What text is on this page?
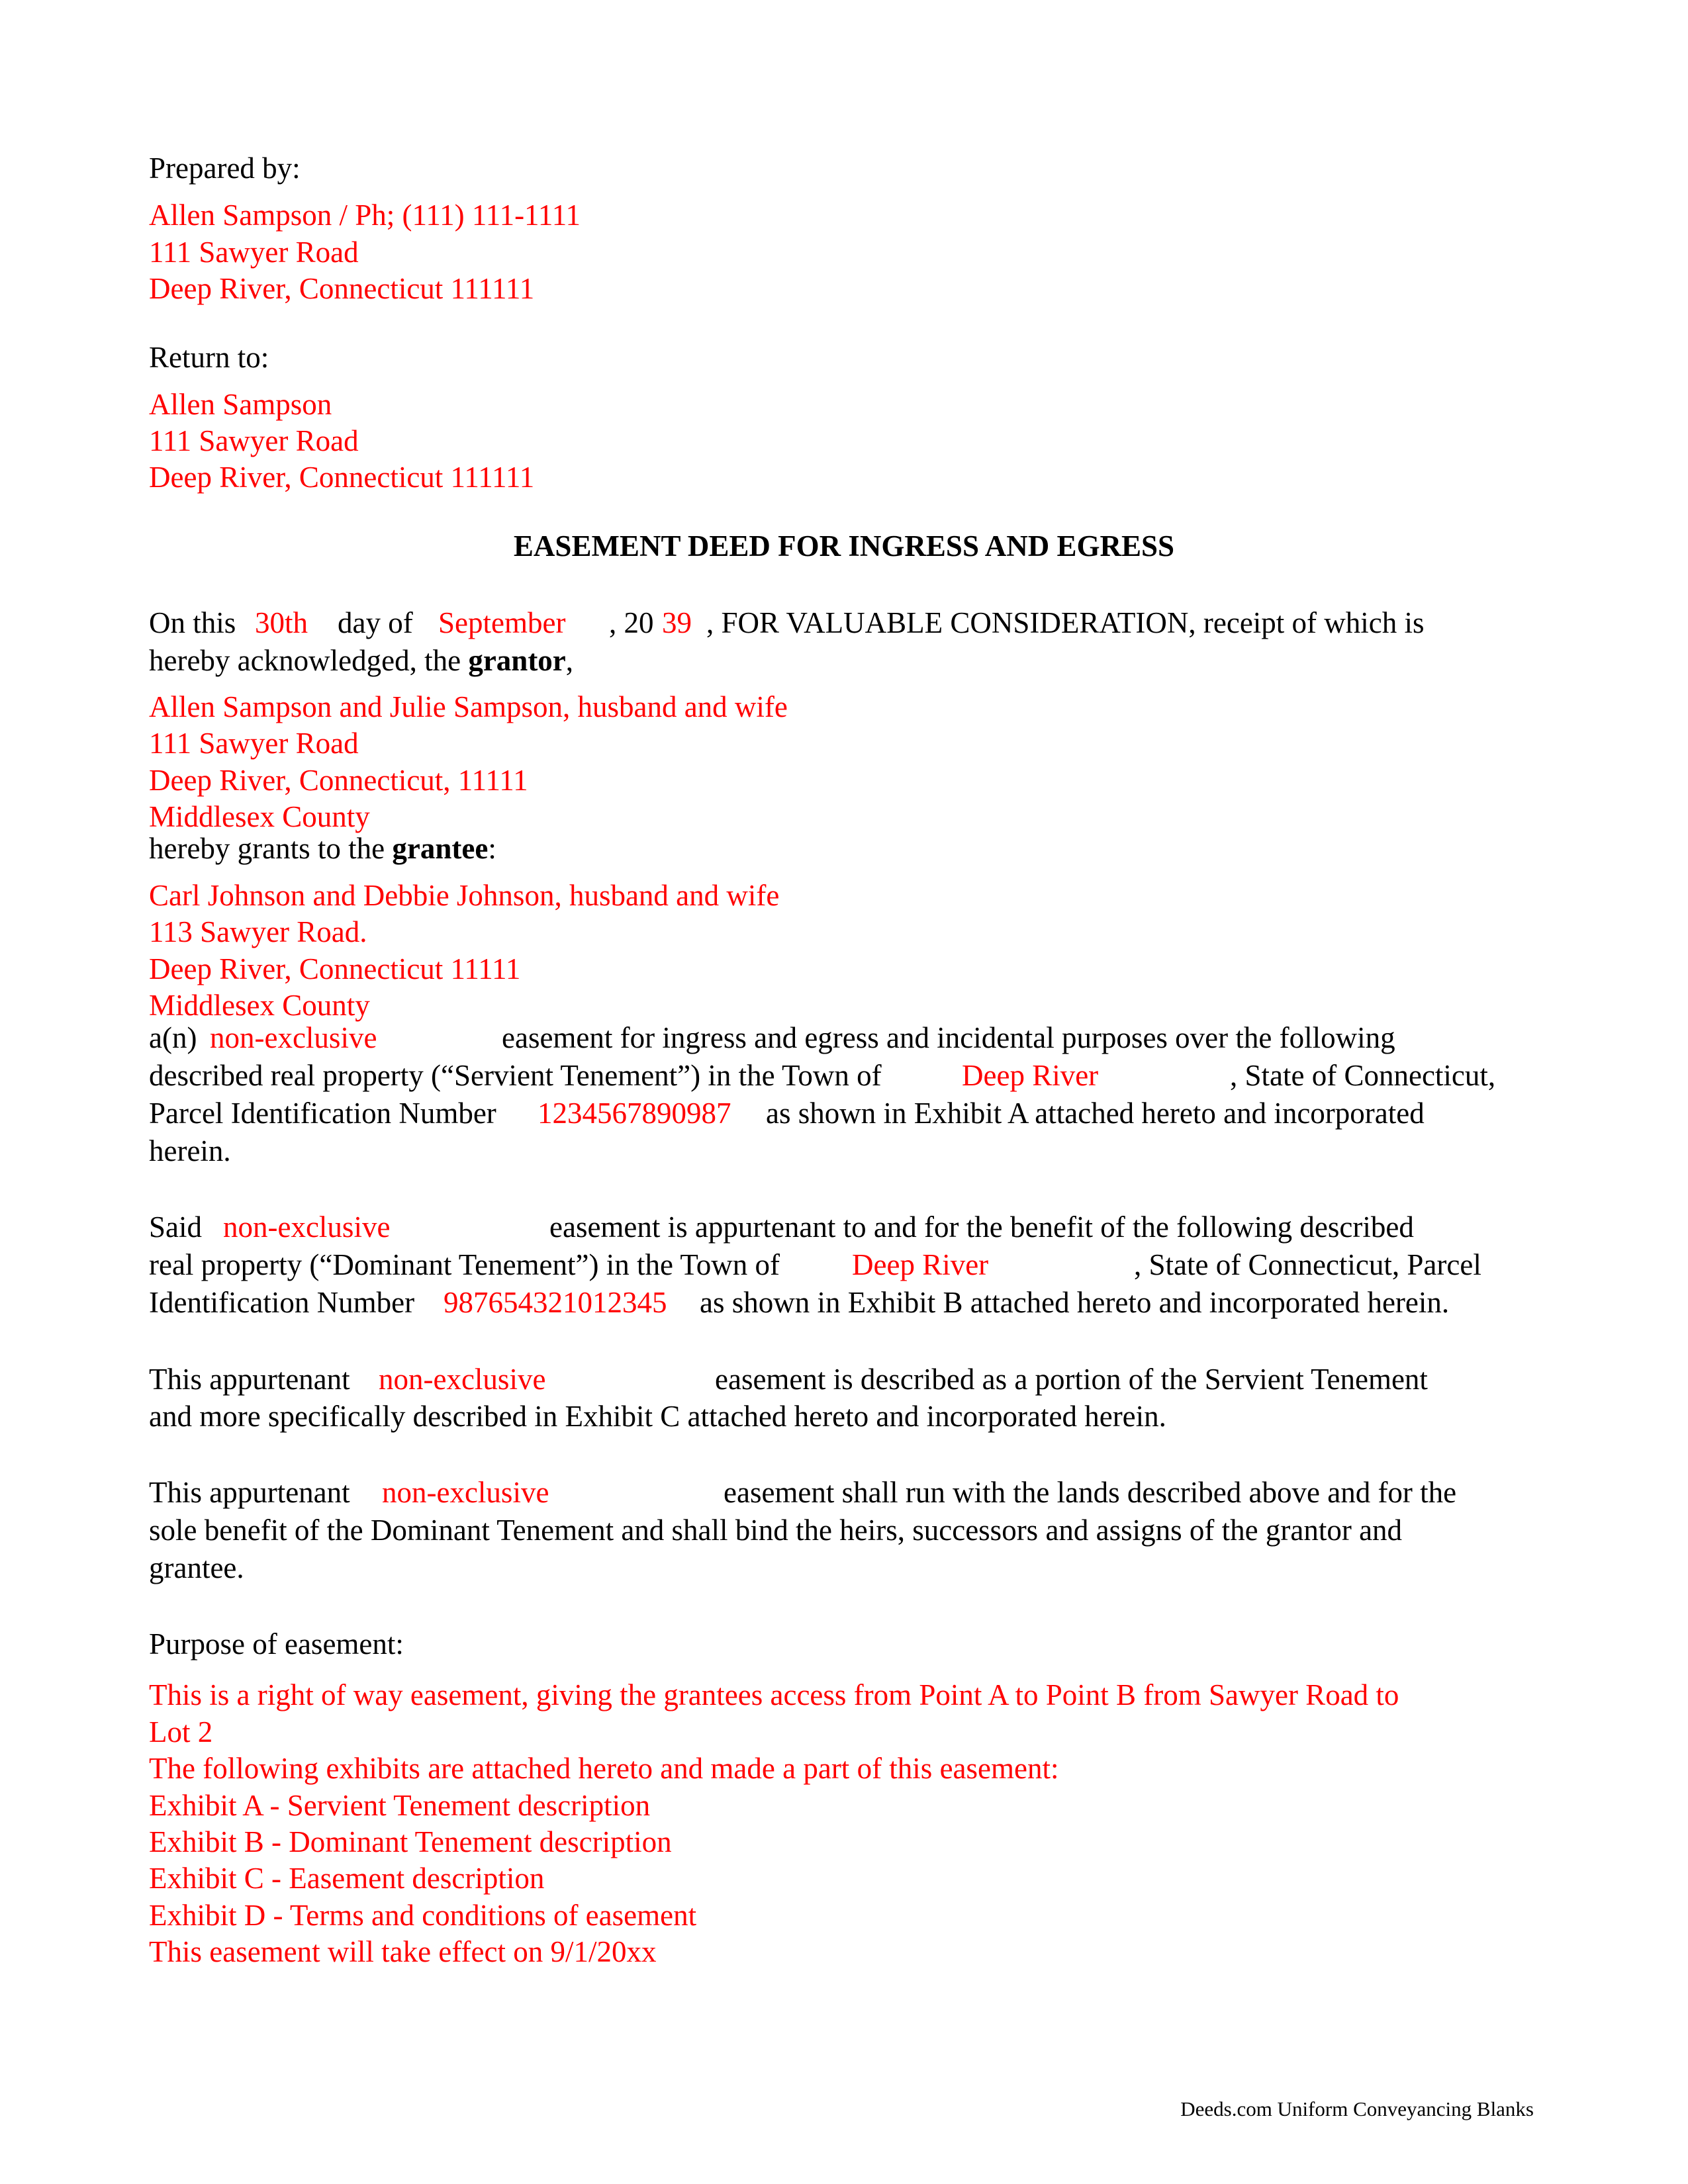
Prepared by:
Allen Sampson / Ph; (111) 111-1111
111 Sawyer Road
Deep River, Connecticut 111111
Return to:
Allen Sampson
111 Sawyer Road
Deep River, Connecticut 111111
EASEMENT DEED FOR INGRESS AND EGRESS
On this 30th day of September , 20 39 , FOR VALUABLE CONSIDERATION, receipt of which is
hereby acknowledged, the grantor,
Allen Sampson and Julie Sampson, husband and wife
111 Sawyer Road
Deep River, Connecticut, 11111
Middlesex County
hereby grants to the grantee:
Carl Johnson and Debbie Johnson, husband and wife
113 Sawyer Road.
Deep River, Connecticut 11111
Middlesex County
a(n) non-exclusive	easement for ingress and egress and incidental purposes over the following
described real property (“Servient Tenement”) in the Town of	Deep River	, State of Connecticut,
Parcel Identification Number 1234567890987 as shown in Exhibit A attached hereto and incorporated
herein.
Said non-exclusive	easement is appurtenant to and for the benefit of the following described
real property (“Dominant Tenement”) in the Town of Deep River	, State of Connecticut, Parcel
Identification Number 987654321012345 as shown in Exhibit B attached hereto and incorporated herein.
This appurtenant non-exclusive	easement is described as a portion of the Servient Tenement
and more specifically described in Exhibit C attached hereto and incorporated herein.
This appurtenant non-exclusive	easement shall run with the lands described above and for the
sole benefit of the Dominant Tenement and shall bind the heirs, successors and assigns of the grantor and
grantee.
Purpose of easement:
This is a right of way easement, giving the grantees access from Point A to Point B from Sawyer Road to
Lot 2
The following exhibits are attached hereto and made a part of this easement:
Exhibit A - Servient Tenement description
Exhibit B - Dominant Tenement description
Exhibit C - Easement description
Exhibit D - Terms and conditions of easement
This easement will take effect on 9/1/20xx
Deeds.com Uniform Conveyancing Blanks
